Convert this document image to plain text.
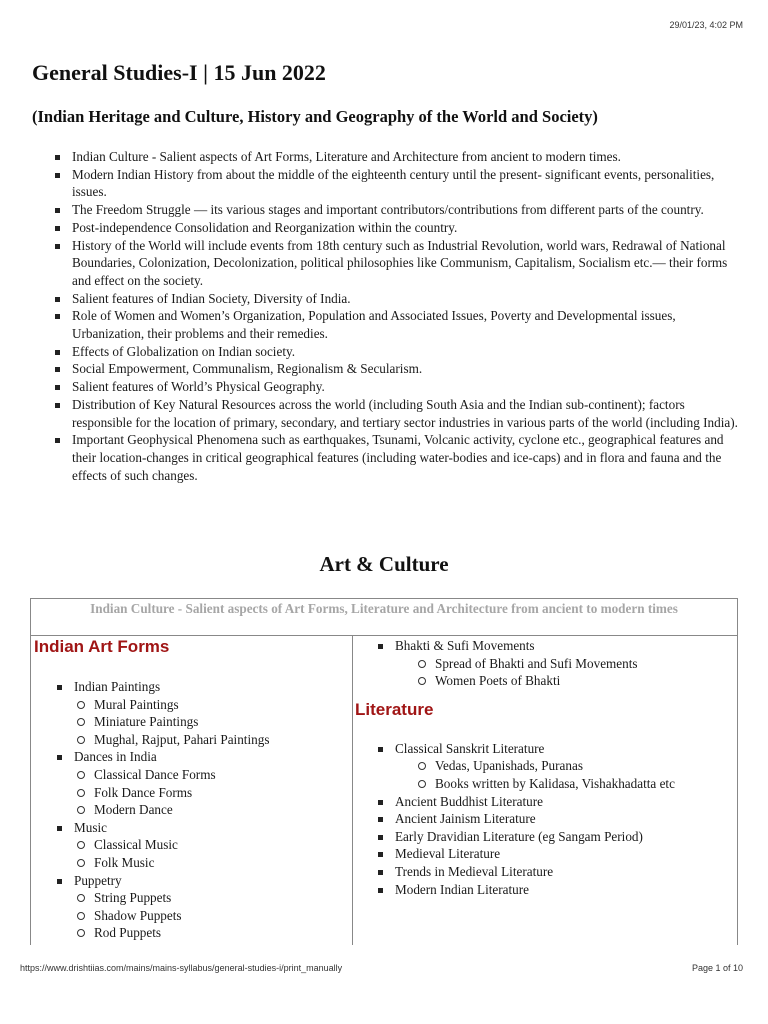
29/01/23, 4:02 PM
General Studies-I | 15 Jun 2022
(Indian Heritage and Culture, History and Geography of the World and Society)
Indian Culture - Salient aspects of Art Forms, Literature and Architecture from ancient to modern times.
Modern Indian History from about the middle of the eighteenth century until the present- significant events, personalities, issues.
The Freedom Struggle — its various stages and important contributors/contributions from different parts of the country.
Post-independence Consolidation and Reorganization within the country.
History of the World will include events from 18th century such as Industrial Revolution, world wars, Redrawal of National Boundaries, Colonization, Decolonization, political philosophies like Communism, Capitalism, Socialism etc.— their forms and effect on the society.
Salient features of Indian Society, Diversity of India.
Role of Women and Women’s Organization, Population and Associated Issues, Poverty and Developmental issues, Urbanization, their problems and their remedies.
Effects of Globalization on Indian society.
Social Empowerment, Communalism, Regionalism & Secularism.
Salient features of World’s Physical Geography.
Distribution of Key Natural Resources across the world (including South Asia and the Indian sub-continent); factors responsible for the location of primary, secondary, and tertiary sector industries in various parts of the world (including India).
Important Geophysical Phenomena such as earthquakes, Tsunami, Volcanic activity, cyclone etc., geographical features and their location-changes in critical geographical features (including water-bodies and ice-caps) and in flora and fauna and the effects of such changes.
Art & Culture
Indian Culture - Salient aspects of Art Forms, Literature and Architecture from ancient to modern times
Indian Art Forms
Indian Paintings
Mural Paintings
Miniature Paintings
Mughal, Rajput, Pahari Paintings
Dances in India
Classical Dance Forms
Folk Dance Forms
Modern Dance
Music
Classical Music
Folk Music
Puppetry
String Puppets
Shadow Puppets
Rod Puppets
Bhakti & Sufi Movements
Spread of Bhakti and Sufi Movements
Women Poets of Bhakti
Literature
Classical Sanskrit Literature
Vedas, Upanishads, Puranas
Books written by Kalidasa, Vishakhadatta etc
Ancient Buddhist Literature
Ancient Jainism Literature
Early Dravidian Literature (eg Sangam Period)
Medieval Literature
Trends in Medieval Literature
Modern Indian Literature
https://www.drishtiias.com/mains/mains-syllabus/general-studies-i/print_manually	Page 1 of 10
